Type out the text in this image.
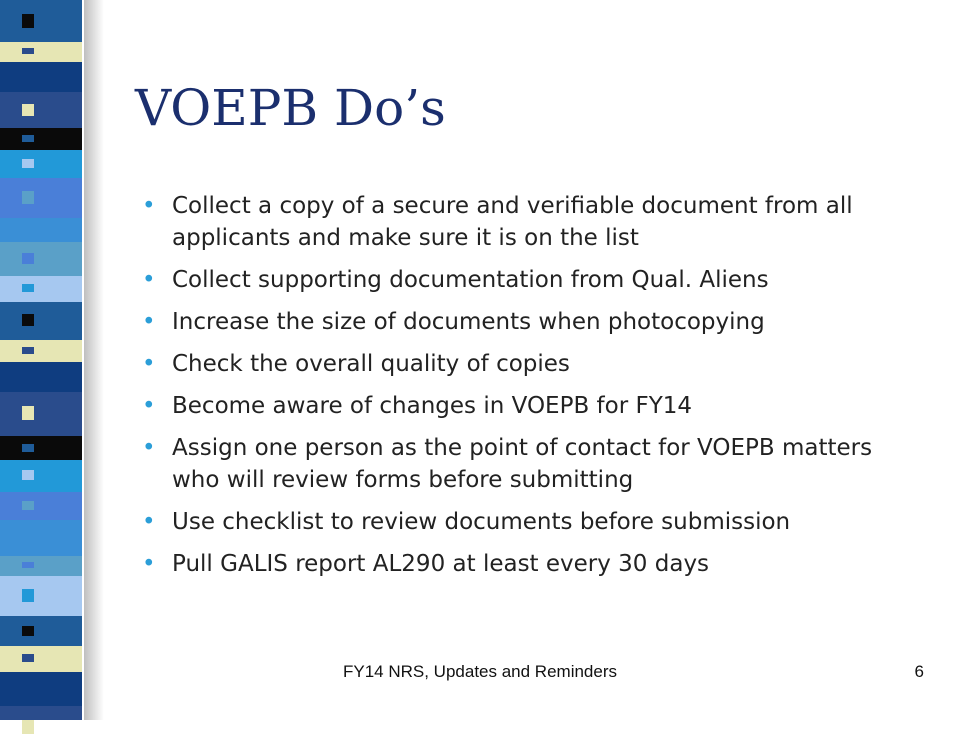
VOEPB Do’s
• Collect a copy of a secure and verifiable document from all applicants and make sure it is on the list
• Collect supporting documentation from Qual. Aliens
• Increase the size of documents when photocopying
• Check the overall quality of copies
• Become aware of changes in VOEPB for FY14
• Assign one person as the point of contact for VOEPB matters who will review forms before submitting
• Use checklist to review documents before submission
• Pull GALIS report AL290 at least every 30 days
FY14 NRS, Updates and Reminders	6
